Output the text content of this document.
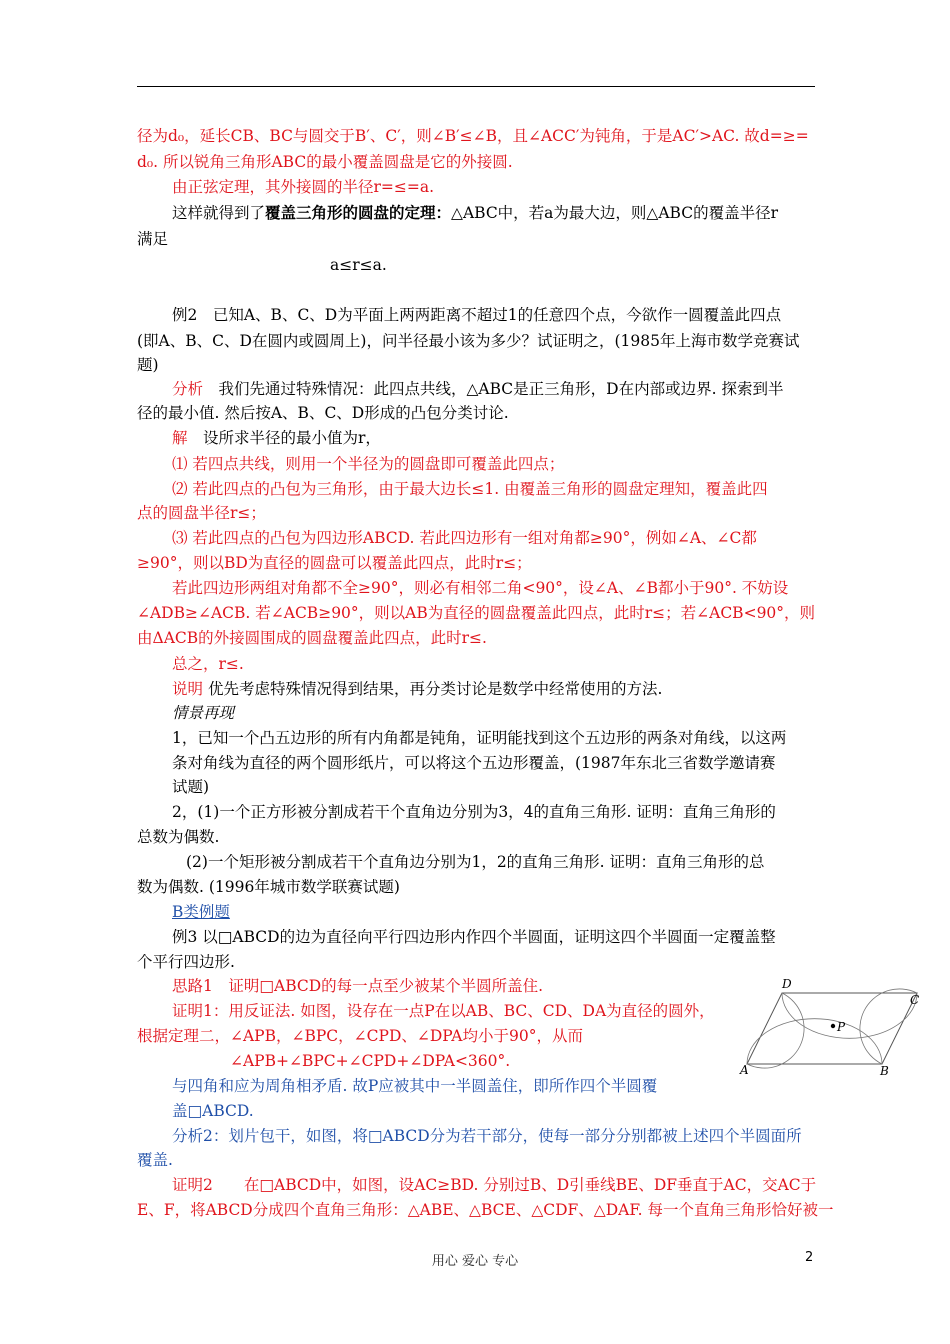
径为d₀，延长CB、BC与圆交于B′、C′，则∠B′≤∠B，且∠ACC′为钝角，于是AC′>AC. 故d=≥=
d₀. 所以锐角三角形ABC的最小覆盖圆盘是它的外接圆.
由正弦定理，其外接圆的半径r=≤=a.
这样就得到了覆盖三角形的圆盘的定理：△ABC中，若a为最大边，则△ABC的覆盖半径r
满足
a≤r≤a.
例2　已知A、B、C、D为平面上两两距离不超过1的任意四个点，今欲作一圆覆盖此四点
(即A、B、C、D在圆内或圆周上)，问半径最小该为多少？试证明之，(1985年上海市数学竞赛试
题)
分析　我们先通过特殊情况：此四点共线，△ABC是正三角形，D在内部或边界. 探索到半
径的最小值. 然后按A、B、C、D形成的凸包分类讨论.
解　设所求半径的最小值为r，
⑴ 若四点共线，则用一个半径为的圆盘即可覆盖此四点；
⑵ 若此四点的凸包为三角形，由于最大边长≤1. 由覆盖三角形的圆盘定理知，覆盖此四
点的圆盘半径r≤；
⑶ 若此四点的凸包为四边形ABCD. 若此四边形有一组对角都≥90°，例如∠A、∠C都
≥90°，则以BD为直径的圆盘可以覆盖此四点，此时r≤；
若此四边形两组对角都不全≥90°，则必有相邻二角<90°，设∠A、∠B都小于90°. 不妨设
∠ADB≥∠ACB. 若∠ACB≥90°，则以AB为直径的圆盘覆盖此四点，此时r≤；若∠ACB<90°，则
由ΔACB的外接圆围成的圆盘覆盖此四点，此时r≤.
总之，r≤.
说明 优先考虑特殊情况得到结果，再分类讨论是数学中经常使用的方法.
情景再现
1，已知一个凸五边形的所有内角都是钝角，证明能找到这个五边形的两条对角线，以这两
条对角线为直径的两个圆形纸片，可以将这个五边形覆盖，(1987年东北三省数学邀请赛
试题)
2，(1)一个正方形被分割成若干个直角边分别为3，4的直角三角形. 证明：直角三角形的
总数为偶数.
(2)一个矩形被分割成若干个直角边分别为1，2的直角三角形. 证明：直角三角形的总
数为偶数. (1996年城市数学联赛试题)
B类例题
例3 以□ABCD的边为直径向平行四边形内作四个半圆面，证明这四个半圆面一定覆盖整
个平行四边形.
思路1　证明□ABCD的每一点至少被某个半圆所盖住.
证明1：用反证法. 如图，设存在一点P在以AB、BC、CD、DA为直径的圆外，
根据定理二，∠APB，∠BPC，∠CPD、∠DPA均小于90°，从而
∠APB+∠BPC+∠CPD+∠DPA<360°.
与四角和应为周角相矛盾. 故P应被其中一半圆盖住，即所作四个半圆覆
盖□ABCD.
分析2：划片包干，如图，将□ABCD分为若干部分，使每一部分分别都被上述四个半圆面所
覆盖.
证明2　　在□ABCD中，如图，设AC≥BD. 分别过B、D引垂线BE、DF垂直于AC，交AC于
E、F，将ABCD分成四个直角三角形：△ABE、△BCE、△CDF、△DAF. 每一个直角三角形恰好被一
D
C
P
A	B
用心 爱心 专心	2
